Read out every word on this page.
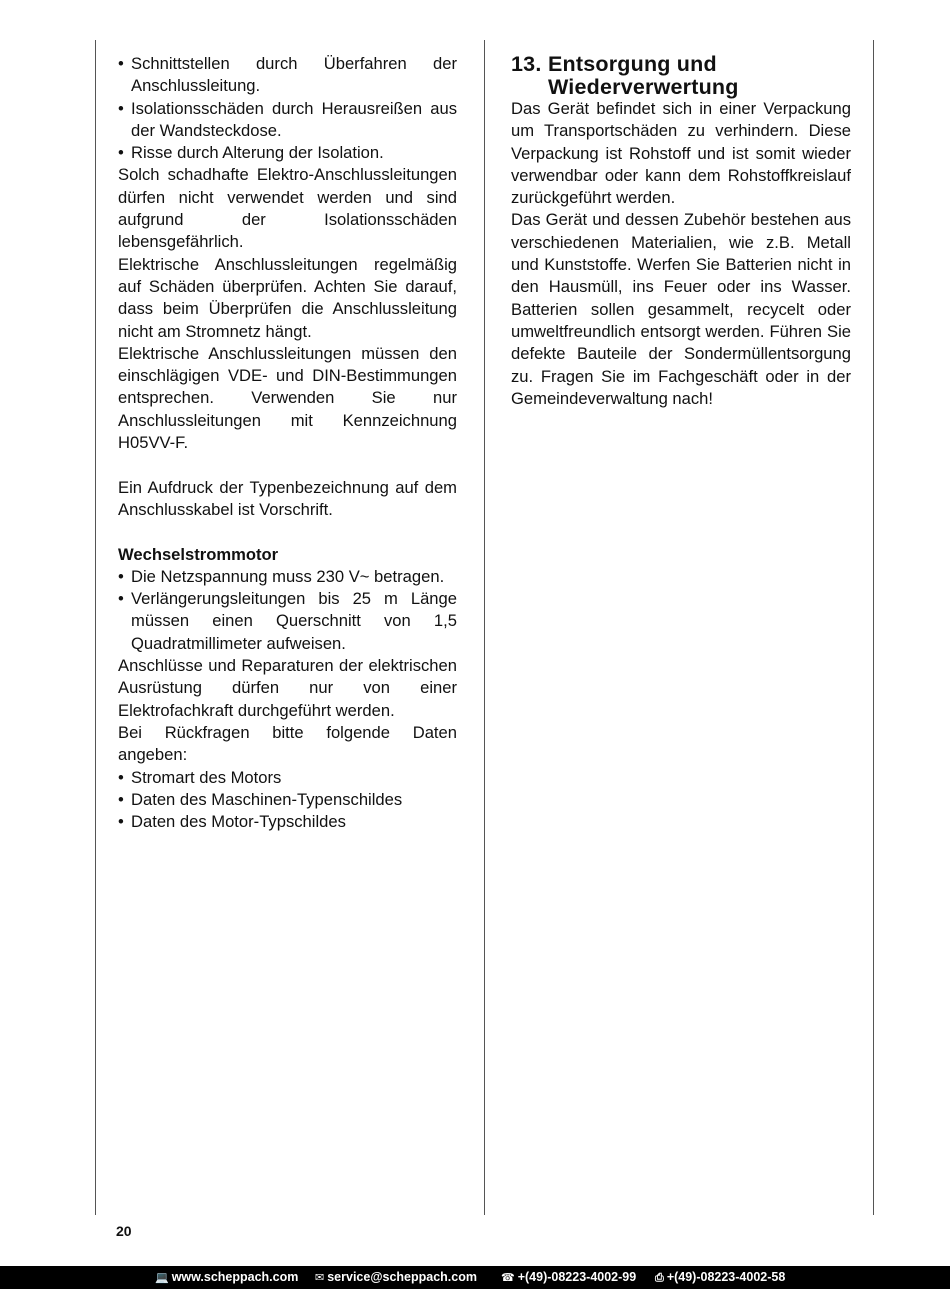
• Schnittstellen durch Überfahren der Anschlussleitung.
• Isolationsschäden durch Herausreißen aus der Wandsteckdose.
• Risse durch Alterung der Isolation.

Solch schadhafte Elektro-Anschlussleitungen dürfen nicht verwendet werden und sind aufgrund der Isolationsschäden lebensgefährlich.

Elektrische Anschlussleitungen regelmäßig auf Schäden überprüfen. Achten Sie darauf, dass beim Überprüfen die Anschlussleitung nicht am Stromnetz hängt.

Elektrische Anschlussleitungen müssen den einschlägigen VDE- und DIN-Bestimmungen entsprechen. Verwenden Sie nur Anschlussleitungen mit Kennzeichnung H05VV-F.

Ein Aufdruck der Typenbezeichnung auf dem Anschlusskabel ist Vorschrift.

Wechselstrommotor

• Die Netzspannung muss 230 V~ betragen.
• Verlängerungsleitungen bis 25 m Länge müssen einen Querschnitt von 1,5 Quadratmillimeter aufweisen.

Anschlüsse und Reparaturen der elektrischen Ausrüstung dürfen nur von einer Elektrofachkraft durchgeführt werden.

Bei Rückfragen bitte folgende Daten angeben:

• Stromart des Motors
• Daten des Maschinen-Typenschildes
• Daten des Motor-Typschildes
13. Entsorgung und Wiederverwertung

Das Gerät befindet sich in einer Verpackung um Transportschäden zu verhindern. Diese Verpackung ist Rohstoff und ist somit wieder verwendbar oder kann dem Rohstoffkreislauf zurückgeführt werden.

Das Gerät und dessen Zubehör bestehen aus verschiedenen Materialien, wie z.B. Metall und Kunststoffe. Werfen Sie Batterien nicht in den Hausmüll, ins Feuer oder ins Wasser. Batterien sollen gesammelt, recycelt oder umweltfreundlich entsorgt werden. Führen Sie defekte Bauteile der Sondermüllentsorgung zu. Fragen Sie im Fachgeschäft oder in der Gemeindeverwaltung nach!

20
💻 www.scheppach.com ✉ service@scheppach.com ☎ +(49)-08223-4002-99 ⎙ +(49)-08223-4002-58
